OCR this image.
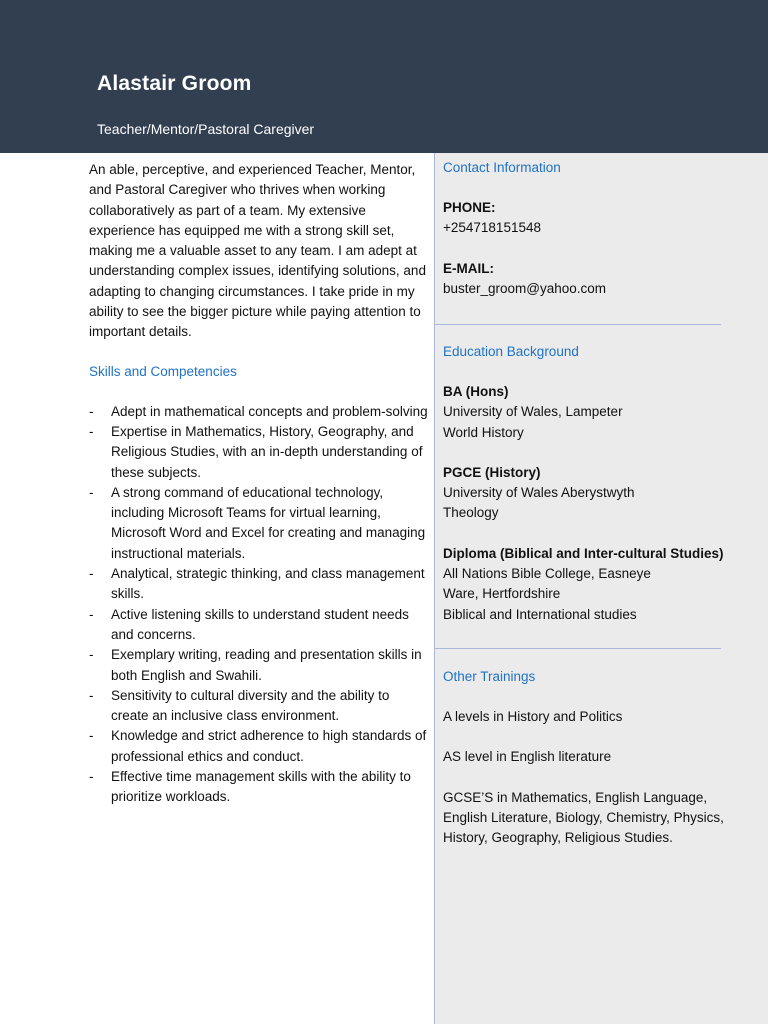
Alastair Groom
Teacher/Mentor/Pastoral Caregiver

An able, perceptive, and experienced Teacher, Mentor, and Pastoral Caregiver who thrives when working collaboratively as part of a team. My extensive experience has equipped me with a strong skill set, making me a valuable asset to any team. I am adept at understanding complex issues, identifying solutions, and adapting to changing circumstances. I take pride in my ability to see the bigger picture while paying attention to important details.

Skills and Competencies
- Adept in mathematical concepts and problem-solving
- Expertise in Mathematics, History, Geography, and Religious Studies, with an in-depth understanding of these subjects.
- A strong command of educational technology, including Microsoft Teams for virtual learning, Microsoft Word and Excel for creating and managing instructional materials.
- Analytical, strategic thinking, and class management skills.
- Active listening skills to understand student needs and concerns.
- Exemplary writing, reading and presentation skills in both English and Swahili.
- Sensitivity to cultural diversity and the ability to create an inclusive class environment.
- Knowledge and strict adherence to high standards of professional ethics and conduct.
- Effective time management skills with the ability to prioritize workloads.
Contact Information
PHONE:
+254718151548
E-MAIL:
buster_groom@yahoo.com
Education Background
BA (Hons)
University of Wales, Lampeter
World History
PGCE (History)
University of Wales Aberystwyth
Theology
Diploma (Biblical and Inter-cultural Studies)
All Nations Bible College, Easneye
Ware, Hertfordshire
Biblical and International studies
Other Trainings
A levels in History and Politics
AS level in English literature
GCSE’S in Mathematics, English Language, English Literature, Biology, Chemistry, Physics, History, Geography, Religious Studies.
